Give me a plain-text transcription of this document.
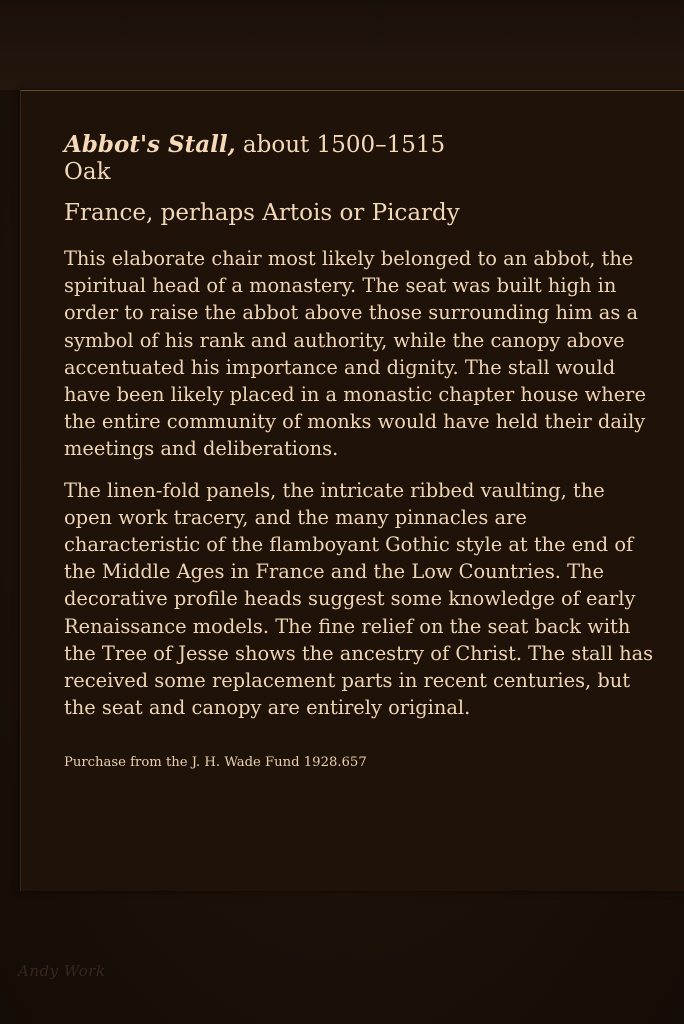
Abbot's Stall, about 1500–1515

Oak

France, perhaps Artois or Picardy

This elaborate chair most likely belonged to an abbot, the spiritual head of a monastery. The seat was built high in order to raise the abbot above those surrounding him as a symbol of his rank and authority, while the canopy above accentuated his importance and dignity. The stall would have been likely placed in a monastic chapter house where the entire community of monks would have held their daily meetings and deliberations.

The linen-fold panels, the intricate ribbed vaulting, the open work tracery, and the many pinnacles are characteristic of the flamboyant Gothic style at the end of the Middle Ages in France and the Low Countries. The decorative profile heads suggest some knowledge of early Renaissance models. The fine relief on the seat back with the Tree of Jesse shows the ancestry of Christ. The stall has received some replacement parts in recent centuries, but the seat and canopy are entirely original.

Purchase from the J. H. Wade Fund 1928.657

Andy Work
